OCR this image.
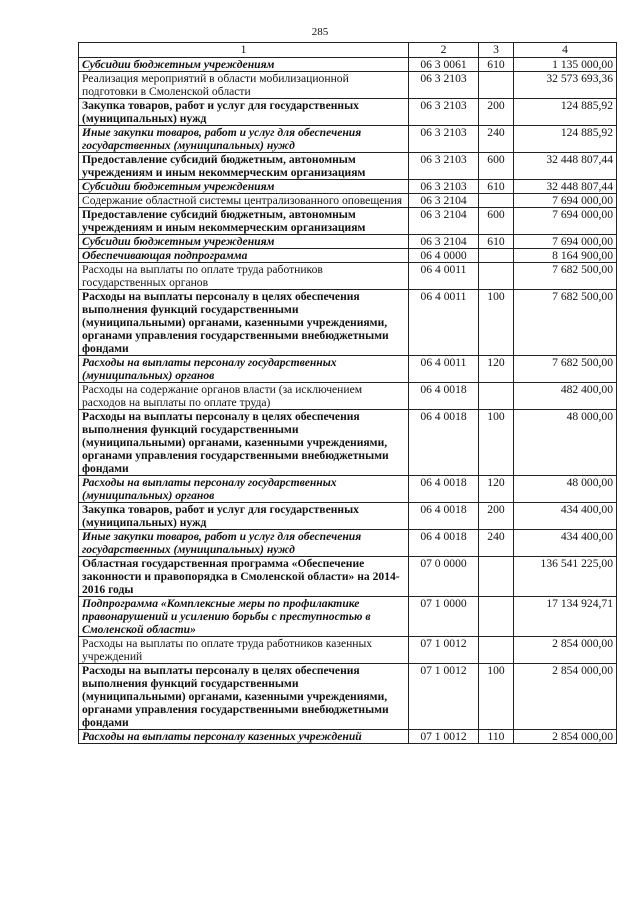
285
1	2	3	4
Субсидии бюджетным учреждениям	06 3 0061	610	1 135 000,00
Реализация мероприятий в области мобилизационной подготовки в Смоленской области	06 3 2103		32 573 693,36
Закупка товаров, работ и услуг для государственных (муниципальных) нужд	06 3 2103	200	124 885,92
Иные закупки товаров, работ и услуг для обеспечения государственных (муниципальных) нужд	06 3 2103	240	124 885,92
Предоставление субсидий бюджетным, автономным учреждениям и иным некоммерческим организациям	06 3 2103	600	32 448 807,44
Субсидии бюджетным учреждениям	06 3 2103	610	32 448 807,44
Содержание областной системы централизованного оповещения	06 3 2104		7 694 000,00
Предоставление субсидий бюджетным, автономным учреждениям и иным некоммерческим организациям	06 3 2104	600	7 694 000,00
Субсидии бюджетным учреждениям	06 3 2104	610	7 694 000,00
Обеспечивающая подпрограмма	06 4 0000		8 164 900,00
Расходы на выплаты по оплате труда работников государственных органов	06 4 0011		7 682 500,00
Расходы на выплаты персоналу в целях обеспечения выполнения функций государственными (муниципальными) органами, казенными учреждениями, органами управления государственными внебюджетными фондами	06 4 0011	100	7 682 500,00
Расходы на выплаты персоналу государственных (муниципальных) органов	06 4 0011	120	7 682 500,00
Расходы на содержание органов власти (за исключением расходов на выплаты по оплате труда)	06 4 0018		482 400,00
Расходы на выплаты персоналу в целях обеспечения выполнения функций государственными (муниципальными) органами, казенными учреждениями, органами управления государственными внебюджетными фондами	06 4 0018	100	48 000,00
Расходы на выплаты персоналу государственных (муниципальных) органов	06 4 0018	120	48 000,00
Закупка товаров, работ и услуг для государственных (муниципальных) нужд	06 4 0018	200	434 400,00
Иные закупки товаров, работ и услуг для обеспечения государственных (муниципальных) нужд	06 4 0018	240	434 400,00
Областная государственная программа «Обеспечение законности и правопорядка в Смоленской области» на 2014-2016 годы	07 0 0000		136 541 225,00
Подпрограмма «Комплексные меры по профилактике правонарушений и усилению борьбы с преступностью в Смоленской области»	07 1 0000		17 134 924,71
Расходы на выплаты по оплате труда работников казенных учреждений	07 1 0012		2 854 000,00
Расходы на выплаты персоналу в целях обеспечения выполнения функций государственными (муниципальными) органами, казенными учреждениями, органами управления государственными внебюджетными фондами	07 1 0012	100	2 854 000,00
Расходы на выплаты персоналу казенных учреждений	07 1 0012	110	2 854 000,00
